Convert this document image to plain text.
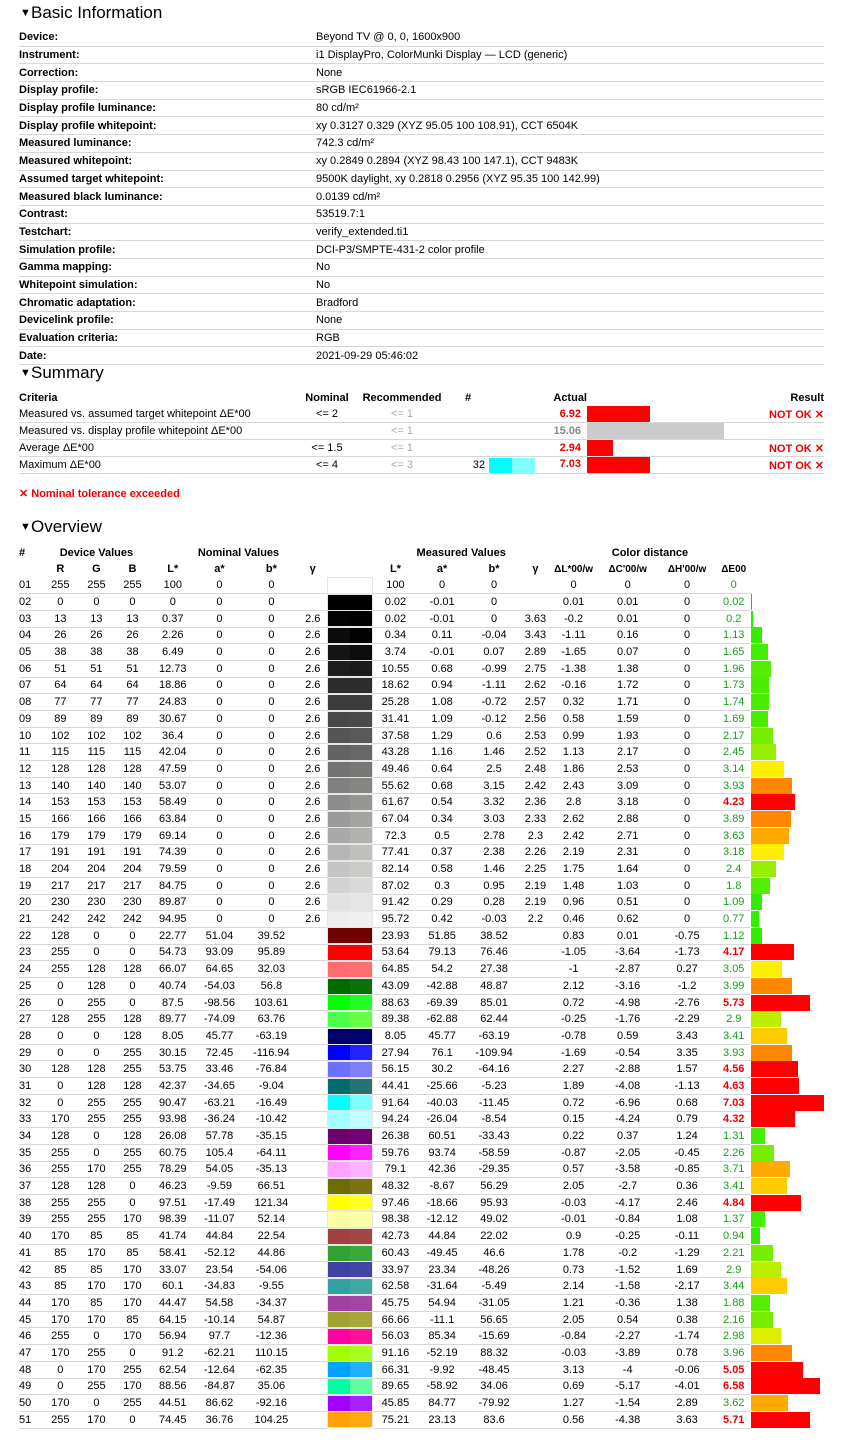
▼Basic Information
Device:	Beyond TV @ 0, 0, 1600x900
Instrument:	i1 DisplayPro, ColorMunki Display — LCD (generic)
Correction:	None
Display profile:	sRGB IEC61966-2.1
Display profile luminance:	80 cd/m²
Display profile whitepoint:	xy 0.3127 0.329 (XYZ 95.05 100 108.91), CCT 6504K
Measured luminance:	742.3 cd/m²
Measured whitepoint:	xy 0.2849 0.2894 (XYZ 98.43 100 147.1), CCT 9483K
Assumed target whitepoint:	9500K daylight, xy 0.2818 0.2956 (XYZ 95.35 100 142.99)
Measured black luminance:	0.0139 cd/m²
Contrast:	53519.7:1
Testchart:	verify_extended.ti1
Simulation profile:	DCI-P3/SMPTE-431-2 color profile
Gamma mapping:	No
Whitepoint simulation:	No
Chromatic adaptation:	Bradford
Devicelink profile:	None
Evaluation criteria:	RGB
Date:	2021-09-29 05:46:02
▼Summary
Criteria	Nominal	Recommended	#	Actual		Result
Measured vs. assumed target whitepoint ΔE*00	<= 2	<= 1		6.92		NOT OK ✕
Measured vs. display profile whitepoint ΔE*00		<= 1		15.06	

Average ΔE*00	<= 1.5	<= 1		2.94		NOT OK ✕
Maximum ΔE*00	<= 4	<= 3	32	7.03		NOT OK ✕
✕ Nominal tolerance exceeded
▼Overview
#	Device Values			Nominal Values					Measured Values				Color distance				
	R	G	B	L*	a*	b*	γ		L*	a*	b*	γ	ΔL*00/w	ΔC'00/w	ΔH'00/w	ΔE00	
01	255	255	255	100	0	0			100	0	0		0	0	0	0	
02	0	0	0	0	0	0			0.02	-0.01	0		0.01	0.01	0	0.02	

03	13	13	13	0.37	0	0	2.6		0.02	-0.01	0	3.63	-0.2	0.01	0	0.2	

04	26	26	26	2.26	0	0	2.6		0.34	0.11	-0.04	3.43	-1.11	0.16	0	1.13	

05	38	38	38	6.49	0	0	2.6		3.74	-0.01	0.07	2.89	-1.65	0.07	0	1.65	

06	51	51	51	12.73	0	0	2.6		10.55	0.68	-0.99	2.75	-1.38	1.38	0	1.96	

07	64	64	64	18.86	0	0	2.6		18.62	0.94	-1.11	2.62	-0.16	1.72	0	1.73	

08	77	77	77	24.83	0	0	2.6		25.28	1.08	-0.72	2.57	0.32	1.71	0	1.74	

09	89	89	89	30.67	0	0	2.6		31.41	1.09	-0.12	2.56	0.58	1.59	0	1.69	

10	102	102	102	36.4	0	0	2.6		37.58	1.29	0.6	2.53	0.99	1.93	0	2.17	

11	115	115	115	42.04	0	0	2.6		43.28	1.16	1.46	2.52	1.13	2.17	0	2.45	

12	128	128	128	47.59	0	0	2.6		49.46	0.64	2.5	2.48	1.86	2.53	0	3.14	

13	140	140	140	53.07	0	0	2.6		55.62	0.68	3.15	2.42	2.43	3.09	0	3.93	

14	153	153	153	58.49	0	0	2.6		61.67	0.54	3.32	2.36	2.8	3.18	0	4.23	

15	166	166	166	63.84	0	0	2.6		67.04	0.34	3.03	2.33	2.62	2.88	0	3.89	

16	179	179	179	69.14	0	0	2.6		72.3	0.5	2.78	2.3	2.42	2.71	0	3.63	

17	191	191	191	74.39	0	0	2.6		77.41	0.37	2.38	2.26	2.19	2.31	0	3.18	

18	204	204	204	79.59	0	0	2.6		82.14	0.58	1.46	2.25	1.75	1.64	0	2.4	

19	217	217	217	84.75	0	0	2.6		87.02	0.3	0.95	2.19	1.48	1.03	0	1.8	

20	230	230	230	89.87	0	0	2.6		91.42	0.29	0.28	2.19	0.96	0.51	0	1.09	

21	242	242	242	94.95	0	0	2.6		95.72	0.42	-0.03	2.2	0.46	0.62	0	0.77	

22	128	0	0	22.77	51.04	39.52			23.93	51.85	38.52		0.83	0.01	-0.75	1.12	

23	255	0	0	54.73	93.09	95.89			53.64	79.13	76.46		-1.05	-3.64	-1.73	4.17	

24	255	128	128	66.07	64.65	32.03			64.85	54.2	27.38		-1	-2.87	0.27	3.05	

25	0	128	0	40.74	-54.03	56.8			43.09	-42.88	48.87		2.12	-3.16	-1.2	3.99	

26	0	255	0	87.5	-98.56	103.61			88.63	-69.39	85.01		0.72	-4.98	-2.76	5.73	

27	128	255	128	89.77	-74.09	63.76			89.38	-62.88	62.44		-0.25	-1.76	-2.29	2.9	

28	0	0	128	8.05	45.77	-63.19			8.05	45.77	-63.19		-0.78	0.59	3.43	3.41	

29	0	0	255	30.15	72.45	-116.94			27.94	76.1	-109.94		-1.69	-0.54	3.35	3.93	

30	128	128	255	53.75	33.46	-76.84			56.15	30.2	-64.16		2.27	-2.88	1.57	4.56	

31	0	128	128	42.37	-34.65	-9.04			44.41	-25.66	-5.23		1.89	-4.08	-1.13	4.63	

32	0	255	255	90.47	-63.21	-16.49			91.64	-40.03	-11.45		0.72	-6.96	0.68	7.03	

33	170	255	255	93.98	-36.24	-10.42			94.24	-26.04	-8.54		0.15	-4.24	0.79	4.32	

34	128	0	128	26.08	57.78	-35.15			26.38	60.51	-33.43		0.22	0.37	1.24	1.31	

35	255	0	255	60.75	105.4	-64.11			59.76	93.74	-58.59		-0.87	-2.05	-0.45	2.26	

36	255	170	255	78.29	54.05	-35.13			79.1	42.36	-29.35		0.57	-3.58	-0.85	3.71	

37	128	128	0	46.23	-9.59	66.51			48.32	-8.67	56.29		2.05	-2.7	0.36	3.41	

38	255	255	0	97.51	-17.49	121.34			97.46	-18.66	95.93		-0.03	-4.17	2.46	4.84	

39	255	255	170	98.39	-11.07	52.14			98.38	-12.12	49.02		-0.01	-0.84	1.08	1.37	

40	170	85	85	41.74	44.84	22.54			42.73	44.84	22.02		0.9	-0.25	-0.11	0.94	

41	85	170	85	58.41	-52.12	44.86			60.43	-49.45	46.6		1.78	-0.2	-1.29	2.21	

42	85	85	170	33.07	23.54	-54.06			33.97	23.34	-48.26		0.73	-1.52	1.69	2.9	

43	85	170	170	60.1	-34.83	-9.55			62.58	-31.64	-5.49		2.14	-1.58	-2.17	3.44	

44	170	85	170	44.47	54.58	-34.37			45.75	54.94	-31.05		1.21	-0.36	1.38	1.88	

45	170	170	85	64.15	-10.14	54.87			66.66	-11.1	56.65		2.05	0.54	0.38	2.16	

46	255	0	170	56.94	97.7	-12.36			56.03	85.34	-15.69		-0.84	-2.27	-1.74	2.98	

47	170	255	0	91.2	-62.21	110.15			91.16	-52.19	88.32		-0.03	-3.89	0.78	3.96	

48	0	170	255	62.54	-12.64	-62.35			66.31	-9.92	-48.45		3.13	-4	-0.06	5.05	

49	0	255	170	88.56	-84.87	35.06			89.65	-58.92	34.06		0.69	-5.17	-4.01	6.58	

50	170	0	255	44.51	86.62	-92.16			45.85	84.77	-79.92		1.27	-1.54	2.89	3.62	

51	255	170	0	74.45	36.76	104.25			75.21	23.13	83.6		0.56	-4.38	3.63	5.71	
